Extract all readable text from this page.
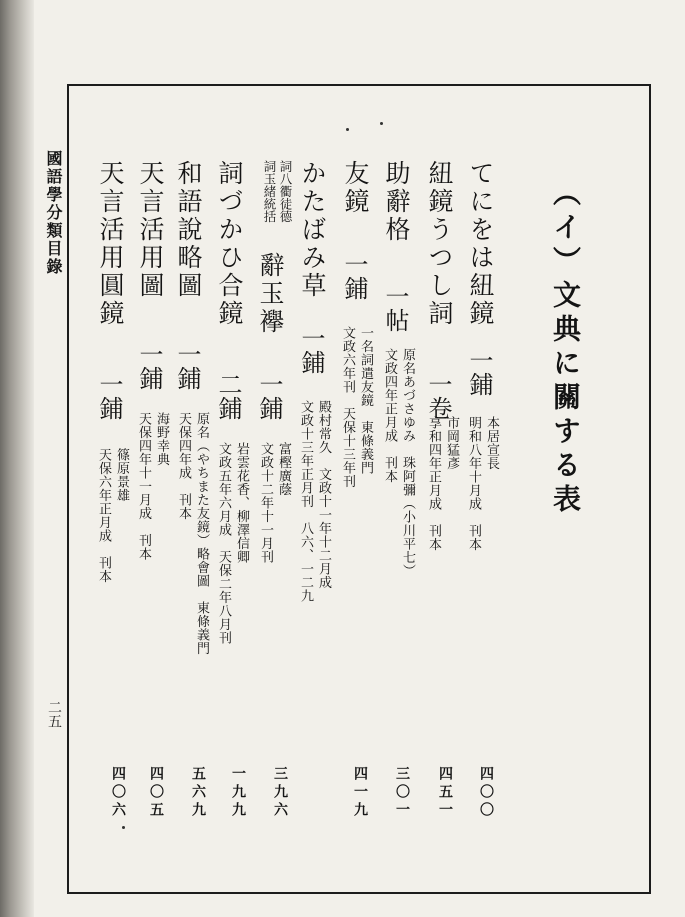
國語學分類目錄
二五
（イ）文典に關する表
てにをは紐鏡
一鋪
本居宣長
明和八年十月成　刊本
四〇〇
紐鏡うつし詞
一卷
市岡猛彥
享和四年正月成　刊本
四五一
助辭格
一帖
原名あづさゆみ　珠阿彌（小川平七）
文政四年正月成　刊本
三〇一
友鏡
一鋪
一名詞遣友鏡　東條義門
文政六年刊　天保十三年刊
四一九
かたばみ草
一鋪
殿村常久　文政十一年十二月成
文政十三年正月刊　八六、一二九
詞八衢徒德
詞玉緒統括
辭玉襷
一鋪
富樫廣蔭
文政十二年十一月刊
三九六
詞づかひ合鏡
二鋪
岩雲花香、柳澤信卿
文政五年六月成　天保二年八月刊
一九九
和語說略圖
一鋪
原名（やちまた友鏡）略會圖　東條義門
天保四年成　刊本
五六九
天言活用圖
一鋪
海野幸典
天保四年十一月成　刊本
四〇五
天言活用圓鏡
一鋪
篠原景雄
天保六年正月成　刊本
四〇六
